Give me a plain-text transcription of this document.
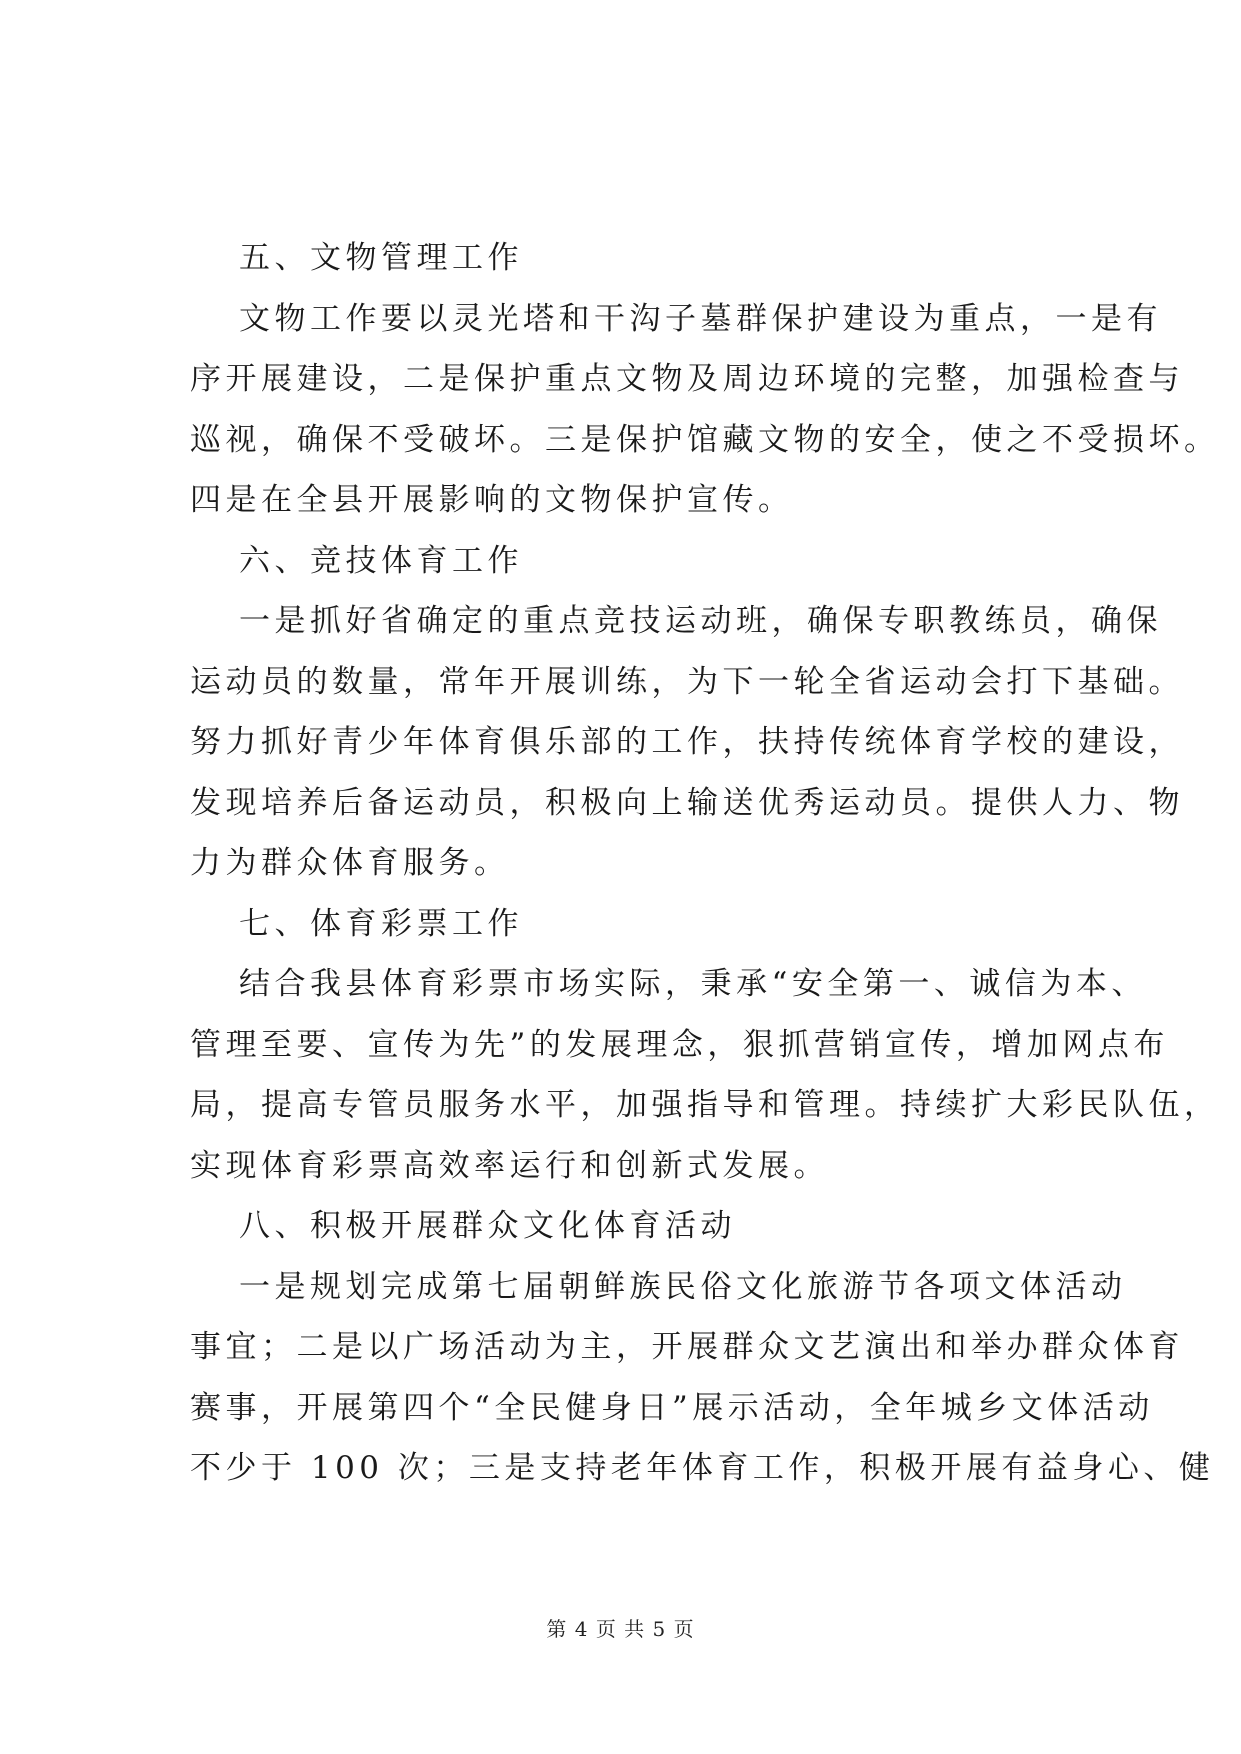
五、文物管理工作
文物工作要以灵光塔和干沟子墓群保护建设为重点，一是有
序开展建设，二是保护重点文物及周边环境的完整，加强检查与
巡视，确保不受破坏。三是保护馆藏文物的安全，使之不受损坏。
四是在全县开展影响的文物保护宣传。
六、竞技体育工作
一是抓好省确定的重点竞技运动班，确保专职教练员，确保
运动员的数量，常年开展训练，为下一轮全省运动会打下基础。
努力抓好青少年体育俱乐部的工作，扶持传统体育学校的建设，
发现培养后备运动员，积极向上输送优秀运动员。提供人力、物
力为群众体育服务。
七、体育彩票工作
结合我县体育彩票市场实际，秉承“安全第一、诚信为本、
管理至要、宣传为先”的发展理念，狠抓营销宣传，增加网点布
局，提高专管员服务水平，加强指导和管理。持续扩大彩民队伍，
实现体育彩票高效率运行和创新式发展。
八、积极开展群众文化体育活动
一是规划完成第七届朝鲜族民俗文化旅游节各项文体活动
事宜；二是以广场活动为主，开展群众文艺演出和举办群众体育
赛事，开展第四个“全民健身日”展示活动，全年城乡文体活动
不少于 100 次；三是支持老年体育工作，积极开展有益身心、健
第 4 页 共 5 页
